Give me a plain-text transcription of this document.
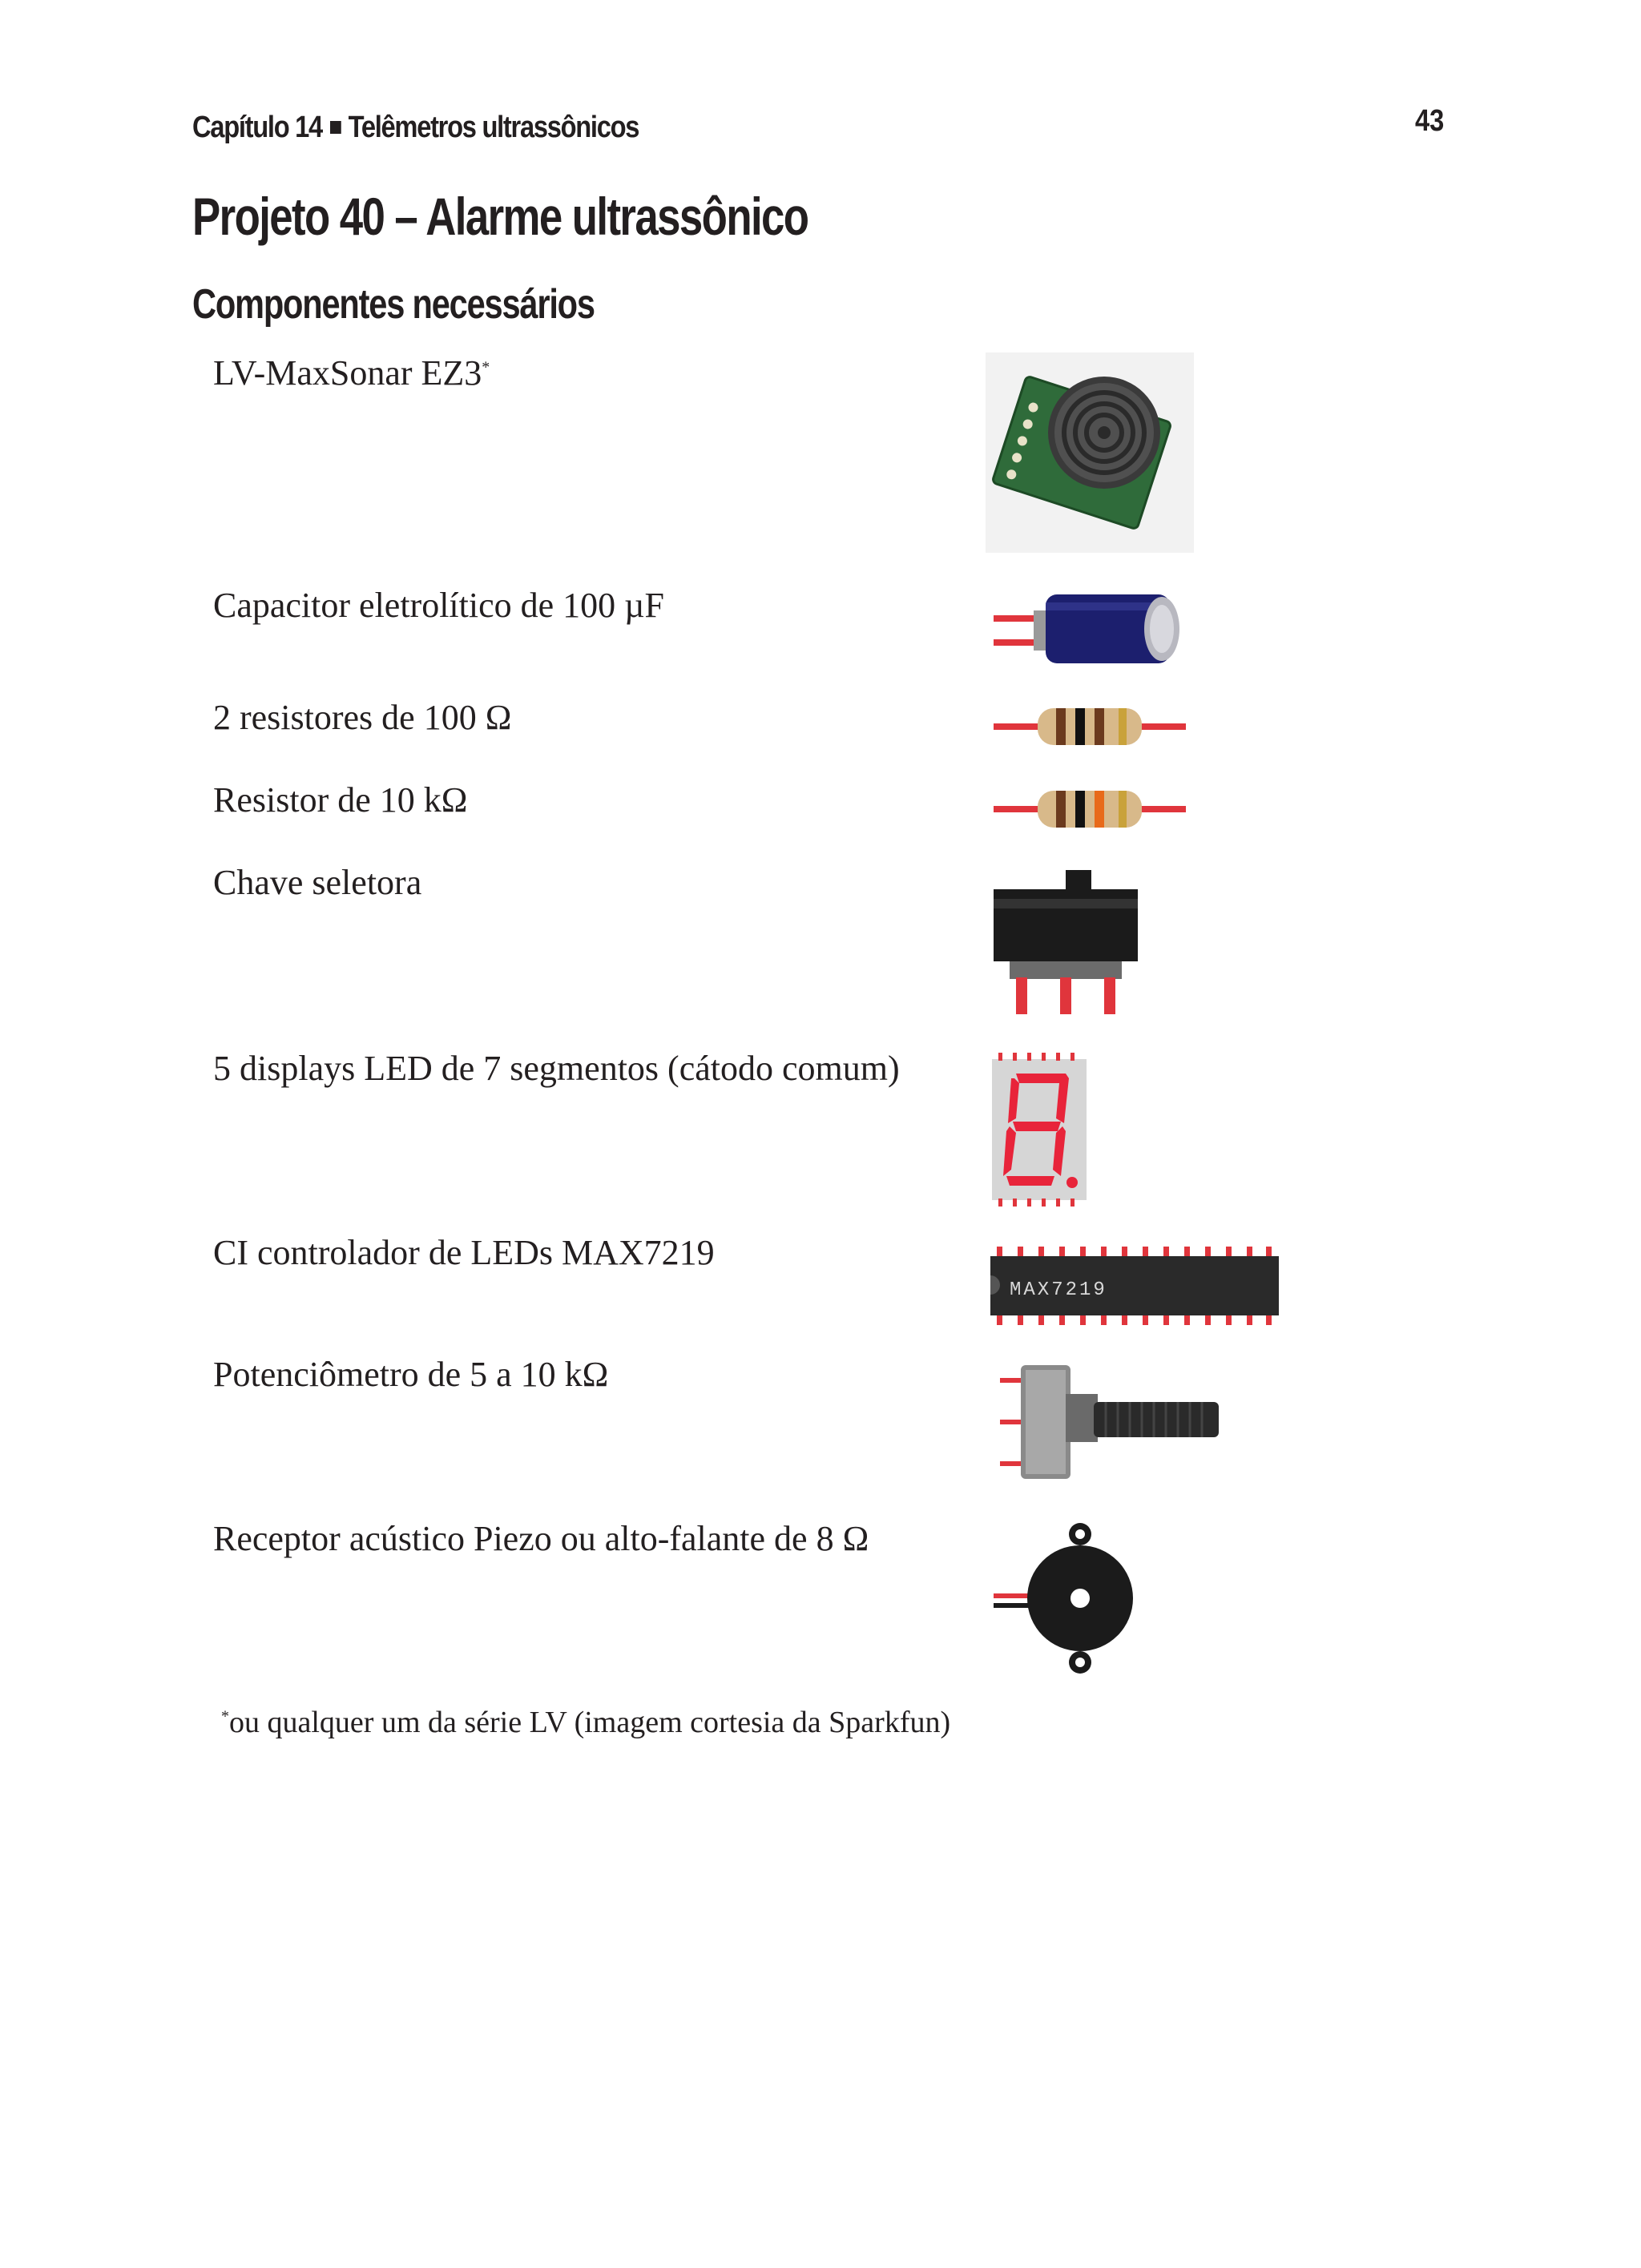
Capítulo 14 Telêmetros ultrassônicos	43
Projeto 40 – Alarme ultrassônico
Componentes necessários
LV-MaxSonar EZ3*
Capacitor eletrolítico de 100 µF
2 resistores de 100 Ω
Resistor de 10 kΩ
Chave seletora
5 displays LED de 7 segmentos (cátodo comum)
CI controlador de LEDs MAX7219
MAX7219
Potenciômetro de 5 a 10 kΩ
Receptor acústico Piezo ou alto-falante de 8 Ω
*ou qualquer um da série LV (imagem cortesia da Sparkfun)
